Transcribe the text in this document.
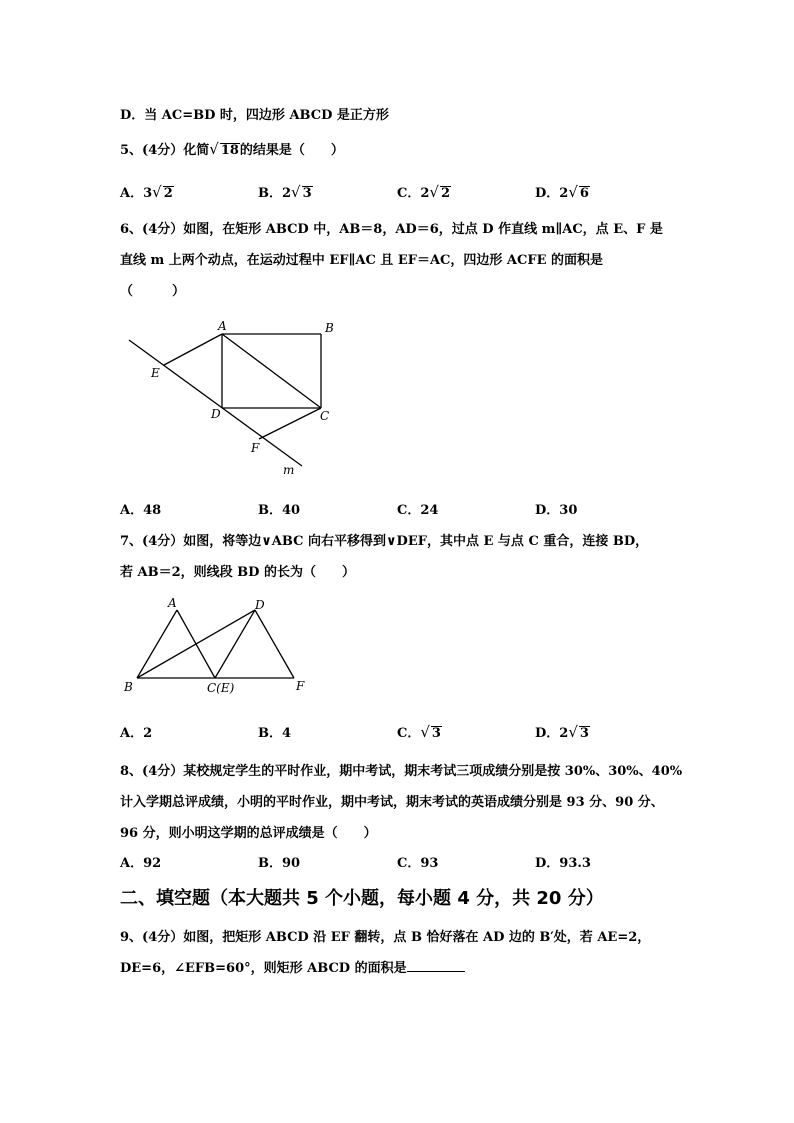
D．当 AC=BD 时，四边形 ABCD 是正方形
5、(4分）化简√ 18的结果是（　　）
A．3√ 2	B．2√ 3	C．2√ 2	D．2√ 6
6、(4分）如图，在矩形 ABCD 中，AB＝8，AD＝6，过点 D 作直线 m∥AC，点 E、F 是
直线 m 上两个动点，在运动过程中 EF∥AC 且 EF＝AC，四边形 ACFE 的面积是
（　　　）
A	B
E
D	C
F
m
A．48	B．40	C．24	D．30
7、(4分）如图，将等边∨ABC 向右平移得到∨DEF，其中点 E 与点 C 重合，连接 BD，
若 AB＝2，则线段 BD 的长为（　　）
A	D
B	C(E)	F
A．2	B．4	C．√ 3	D．2√ 3
8、(4分）某校规定学生的平时作业，期中考试，期末考试三项成绩分别是按 30%、30%、40%
计入学期总评成绩，小明的平时作业，期中考试，期末考试的英语成绩分别是 93 分、90 分、
96 分，则小明这学期的总评成绩是（　　）
A．92	B．90	C．93	D．93.3
二、填空题（本大题共 5 个小题，每小题 4 分，共 20 分）
9、(4分）如图，把矩形 ABCD 沿 EF 翻转，点 B 恰好落在 AD 边的 B′处，若 AE=2，
DE=6，∠EFB=60°，则矩形 ABCD 的面积是
